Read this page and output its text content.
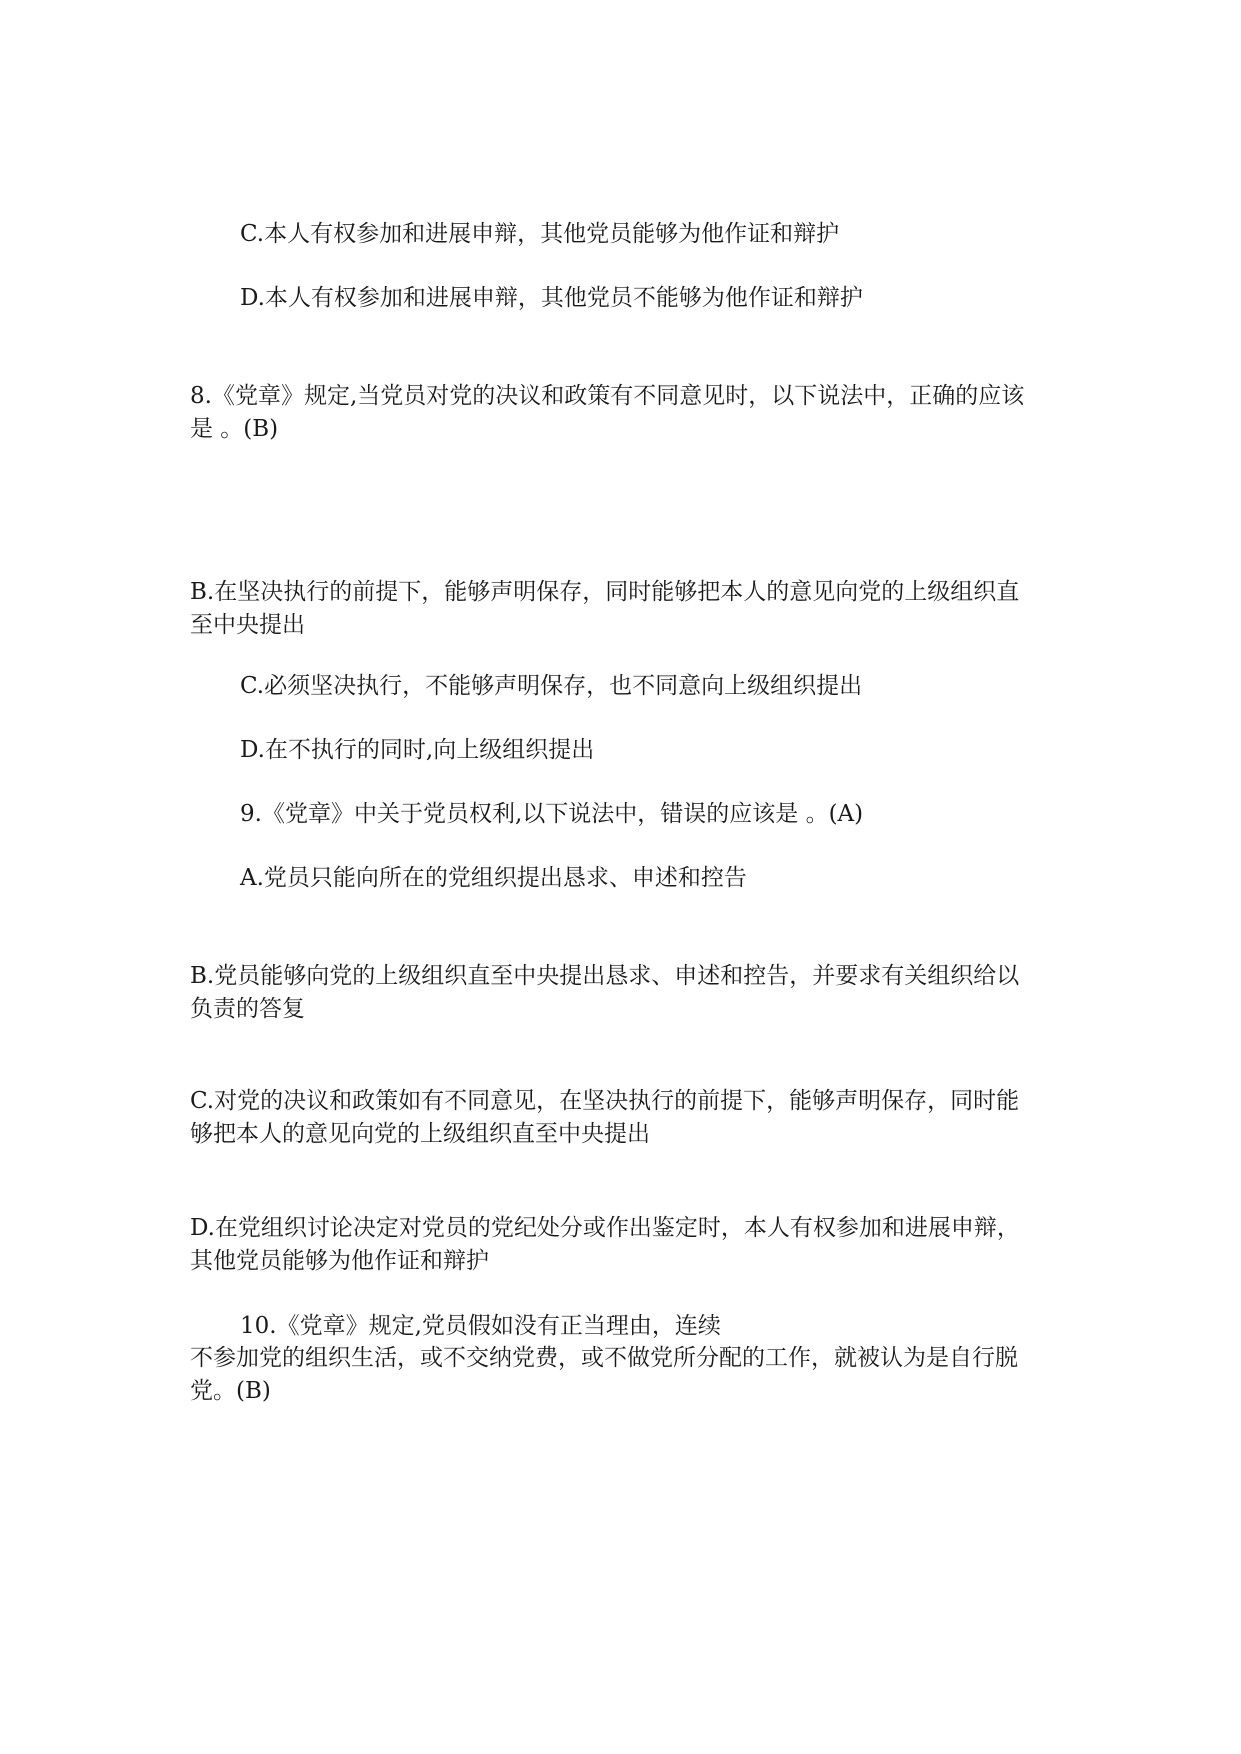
C.本人有权参加和进展申辩，其他党员能够为他作证和辩护
D.本人有权参加和进展申辩，其他党员不能够为他作证和辩护
8.《党章》规定,当党员对党的决议和政策有不同意见时，以下说法中，正确的应该是 。(B)
B.在坚决执行的前提下，能够声明保存，同时能够把本人的意见向党的上级组织直至中央提出
C.必须坚决执行，不能够声明保存，也不同意向上级组织提出
D.在不执行的同时,向上级组织提出
9.《党章》中关于党员权利,以下说法中，错误的应该是 。(A)
A.党员只能向所在的党组织提出恳求、申述和控告
B.党员能够向党的上级组织直至中央提出恳求、申述和控告，并要求有关组织给以负责的答复
C.对党的决议和政策如有不同意见，在坚决执行的前提下，能够声明保存，同时能够把本人的意见向党的上级组织直至中央提出
D.在党组织讨论决定对党员的党纪处分或作出鉴定时，本人有权参加和进展申辩，其他党员能够为他作证和辩护
10.《党章》规定,党员假如没有正当理由，连续
不参加党的组织生活，或不交纳党费，或不做党所分配的工作，就被认为是自行脱党。(B)
